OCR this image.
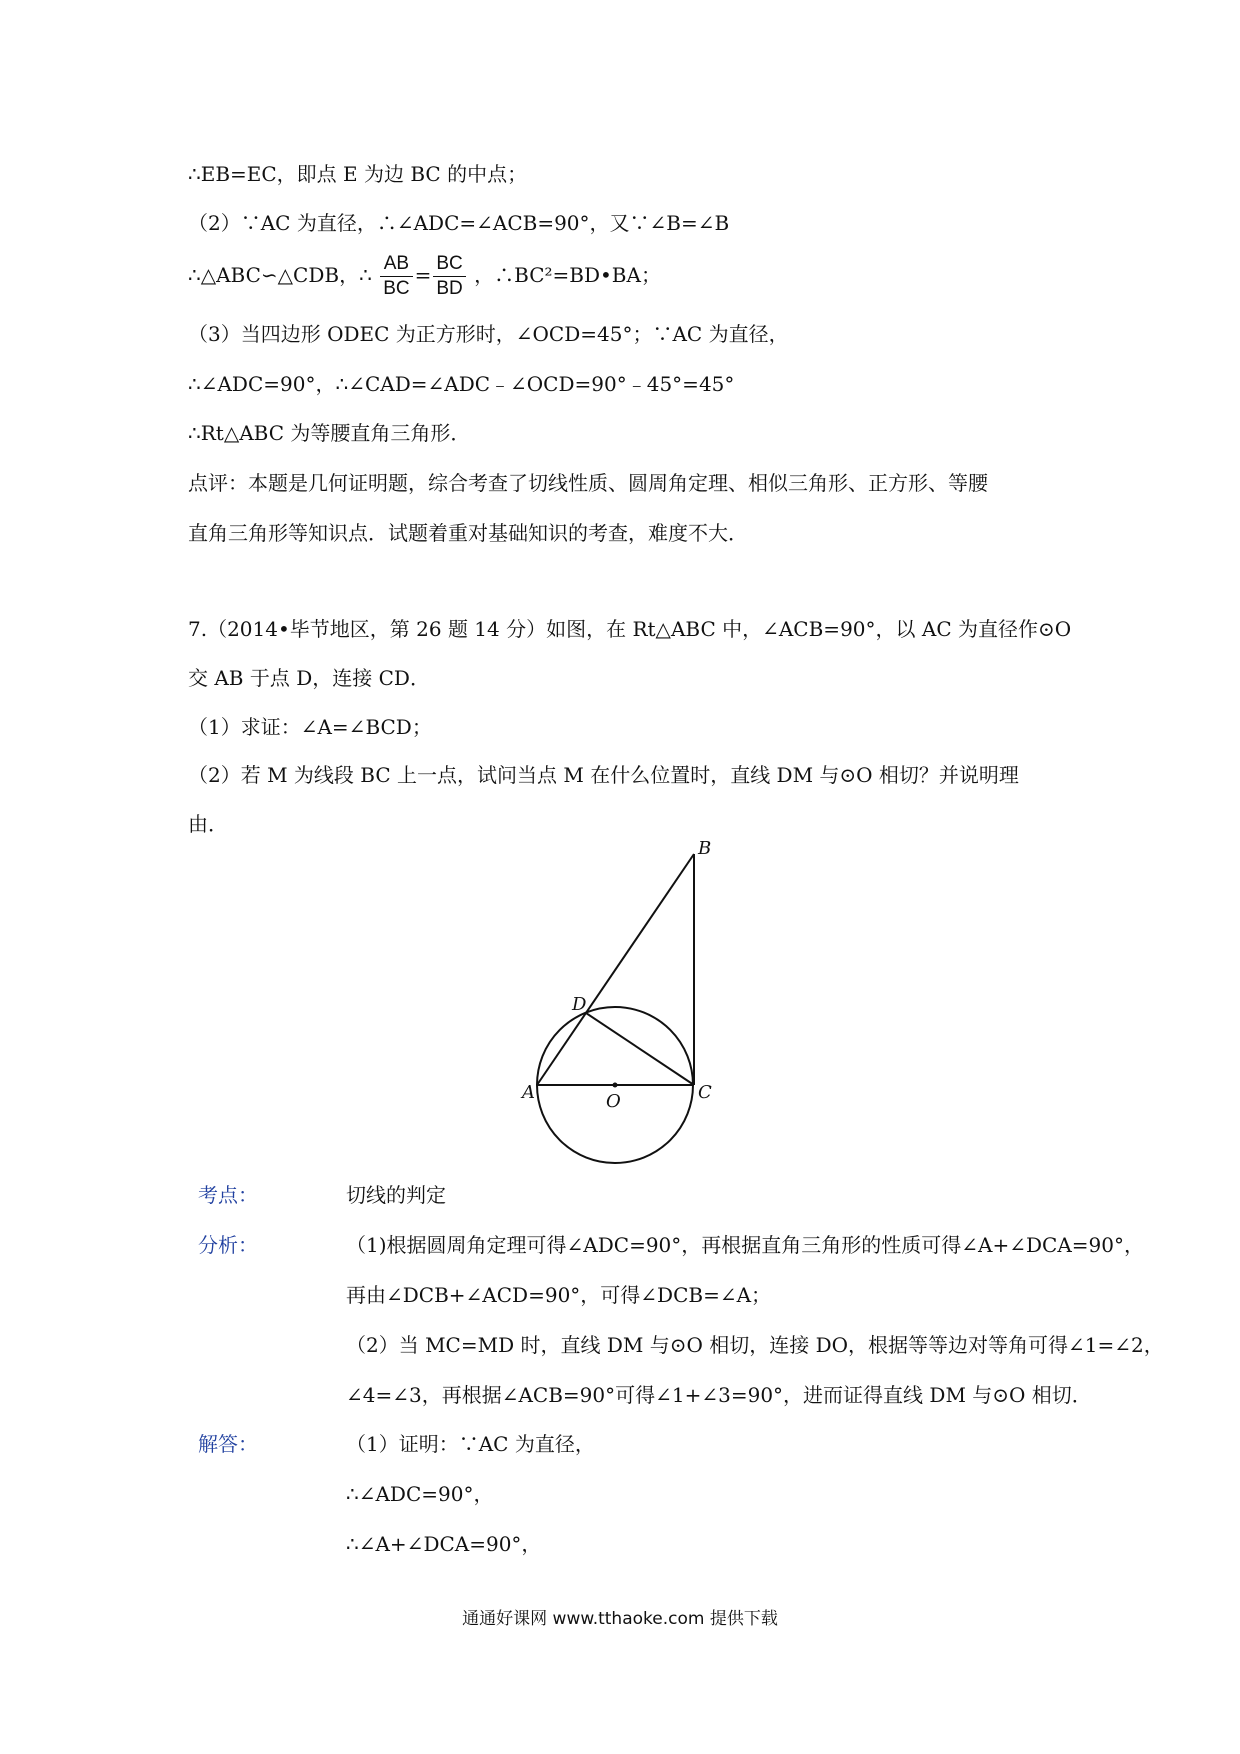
∴EB=EC，即点 E 为边 BC 的中点；
（2）∵AC 为直径，∴∠ADC=∠ACB=90°，又∵∠B=∠B
∴△ABC∽△CDB，∴ $\frac{AB}{BC} = \frac{BC}{BD}$ ，∴BC²=BD•BA；
（3）当四边形 ODEC 为正方形时，∠OCD=45°；∵AC 为直径，
∴∠ADC=90°，∴∠CAD=∠ADC﹣∠OCD=90°﹣45°=45°
∴Rt△ABC 为等腰直角三角形．
点评：本题是几何证明题，综合考查了切线性质、圆周角定理、相似三角形、正方形、等腰
直角三角形等知识点．试题着重对基础知识的考查，难度不大．
7.（2014•毕节地区，第 26 题 14 分）如图，在 Rt△ABC 中，∠ACB=90°，以 AC 为直径作⊙O
交 AB 于点 D，连接 CD．
（1）求证：∠A=∠BCD；
（2）若 M 为线段 BC 上一点，试问当点 M 在什么位置时，直线 DM 与⊙O 相切？并说明理
由．
B
D
A	O	C
考点：	切线的判定
分析：	（1)根据圆周角定理可得∠ADC=90°，再根据直角三角形的性质可得∠A+∠DCA=90°，
再由∠DCB+∠ACD=90°，可得∠DCB=∠A；
（2）当 MC=MD 时，直线 DM 与⊙O 相切，连接 DO，根据等等边对等角可得∠1=∠2，
∠4=∠3，再根据∠ACB=90°可得∠1+∠3=90°，进而证得直线 DM 与⊙O 相切．
解答：	（1）证明：∵AC 为直径，
∴∠ADC=90°，
∴∠A+∠DCA=90°，
通通好课网 www.tthaoke.com 提供下载
